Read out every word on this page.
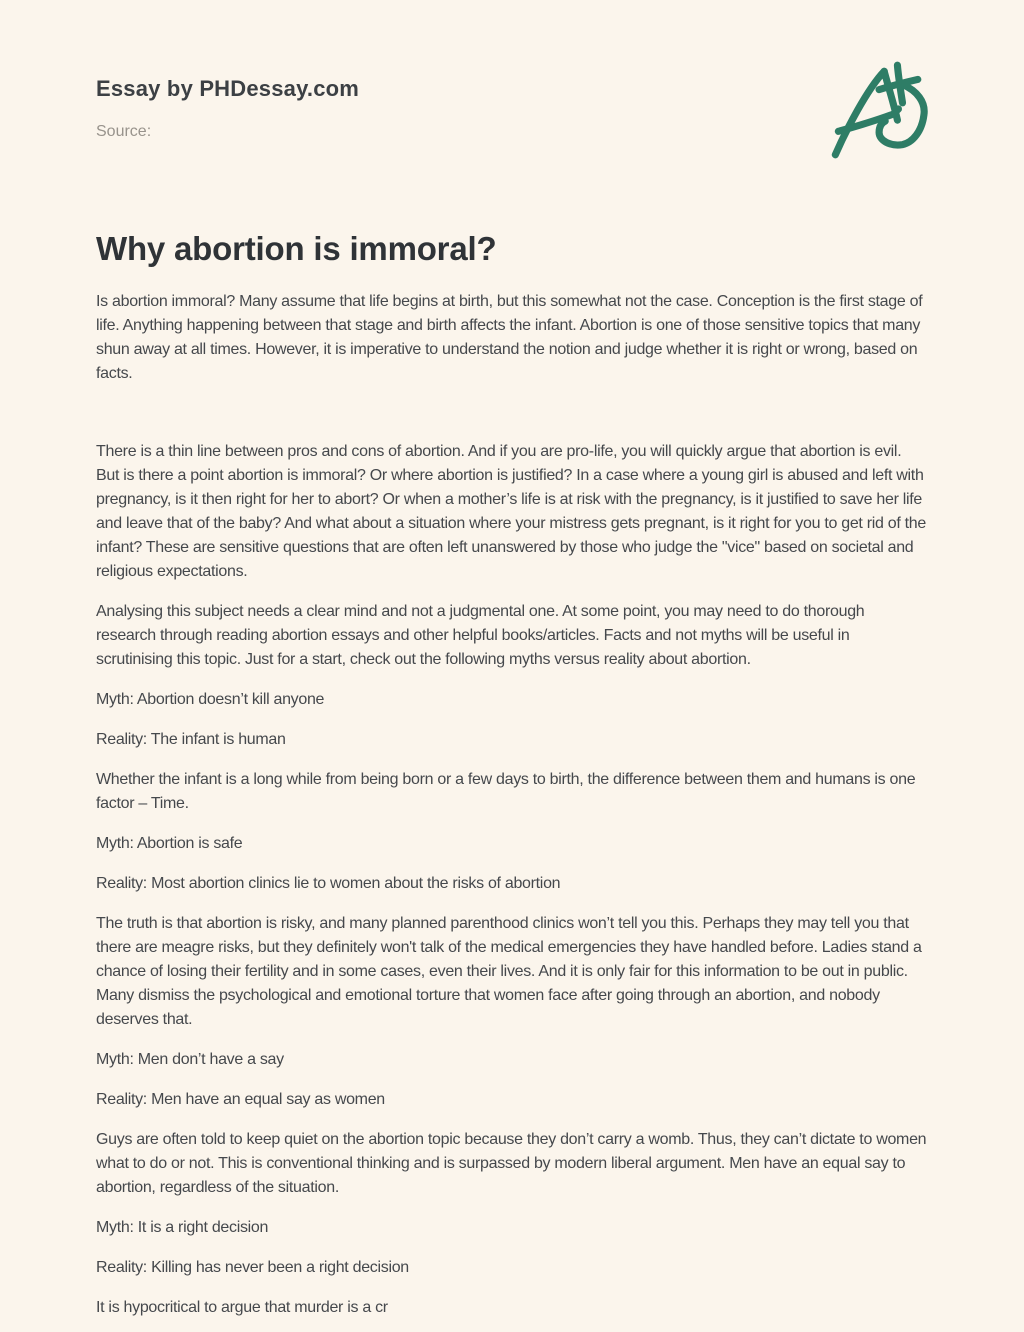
Essay by PHDessay.com
Source:
Why abortion is immoral?

Is abortion immoral? Many assume that life begins at birth, but this somewhat not the case. Conception is the first stage of life. Anything happening between that stage and birth affects the infant. Abortion is one of those sensitive topics that many shun away at all times. However, it is imperative to understand the notion and judge whether it is right or wrong, based on facts.

There is a thin line between pros and cons of abortion. And if you are pro-life, you will quickly argue that abortion is evil. But is there a point abortion is immoral? Or where abortion is justified? In a case where a young girl is abused and left with pregnancy, is it then right for her to abort? Or when a mother’s life is at risk with the pregnancy, is it justified to save her life and leave that of the baby? And what about a situation where your mistress gets pregnant, is it right for you to get rid of the infant? These are sensitive questions that are often left unanswered by those who judge the "vice" based on societal and religious expectations.

Analysing this subject needs a clear mind and not a judgmental one. At some point, you may need to do thorough research through reading abortion essays and other helpful books/articles. Facts and not myths will be useful in scrutinising this topic. Just for a start, check out the following myths versus reality about abortion.

Myth: Abortion doesn’t kill anyone

Reality: The infant is human

Whether the infant is a long while from being born or a few days to birth, the difference between them and humans is one factor – Time.

Myth: Abortion is safe

Reality: Most abortion clinics lie to women about the risks of abortion

The truth is that abortion is risky, and many planned parenthood clinics won’t tell you this. Perhaps they may tell you that there are meagre risks, but they definitely won't talk of the medical emergencies they have handled before. Ladies stand a chance of losing their fertility and in some cases, even their lives. And it is only fair for this information to be out in public. Many dismiss the psychological and emotional torture that women face after going through an abortion, and nobody deserves that.

Myth: Men don’t have a say

Reality: Men have an equal say as women

Guys are often told to keep quiet on the abortion topic because they don’t carry a womb. Thus, they can’t dictate to women what to do or not. This is conventional thinking and is surpassed by modern liberal argument. Men have an equal say to abortion, regardless of the situation.

Myth: It is a right decision

Reality: Killing has never been a right decision

It is hypocritical to argue that murder is a cr
